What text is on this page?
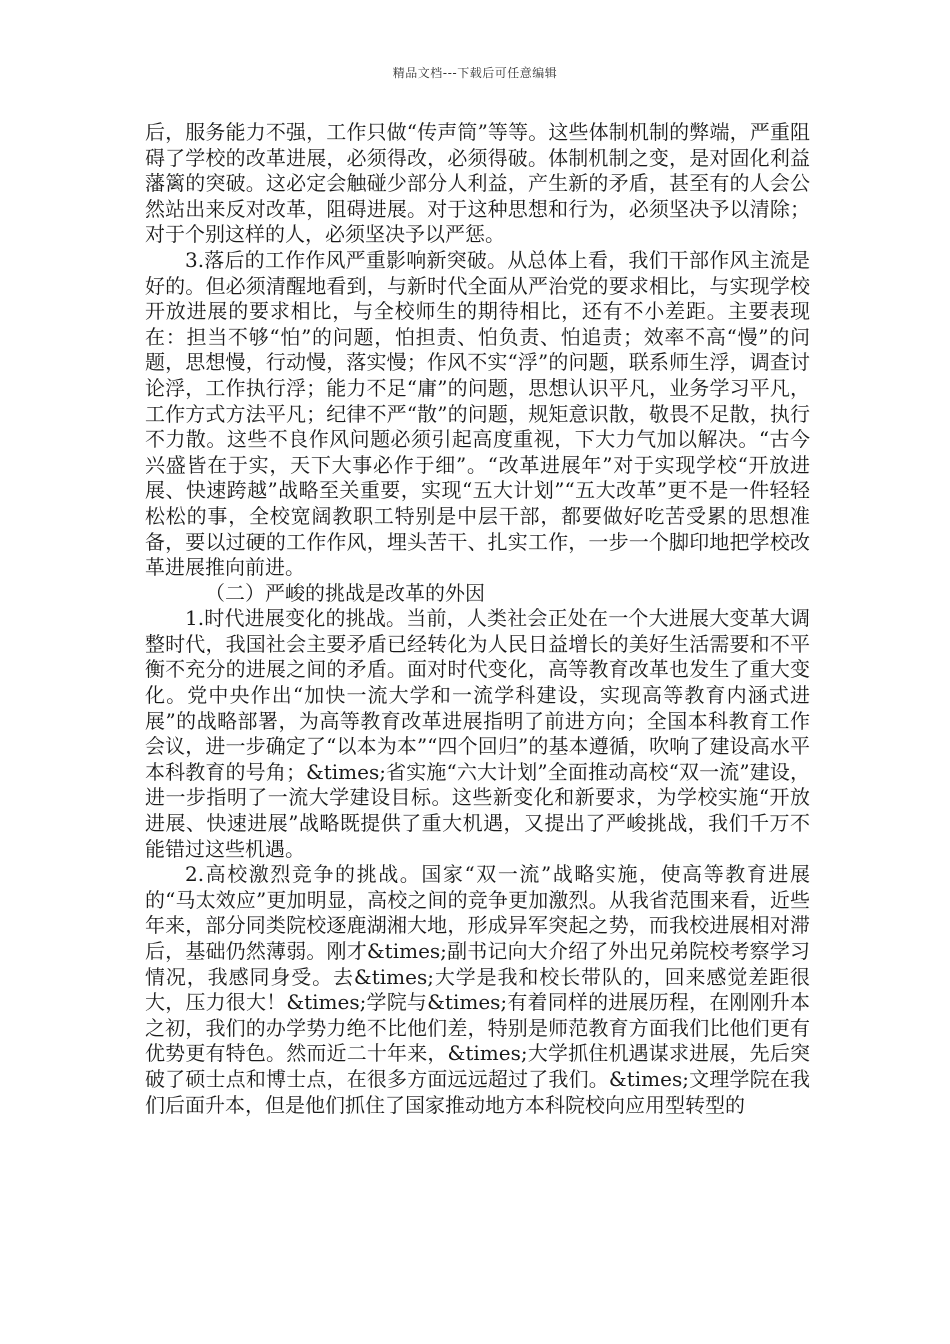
精品文档---下载后可任意编辑

后，服务能力不强，工作只做“传声筒”等等。这些体制机制的弊端，严重阻碍了学校的改革进展，必须得改，必须得破。体制机制之变，是对固化利益藩篱的突破。这必定会触碰少部分人利益，产生新的矛盾，甚至有的人会公然站出来反对改革，阻碍进展。对于这种思想和行为，必须坚决予以清除；对于个别这样的人，必须坚决予以严惩。

3.落后的工作作风严重影响新突破。从总体上看，我们干部作风主流是好的。但必须清醒地看到，与新时代全面从严治党的要求相比，与实现学校开放进展的要求相比，与全校师生的期待相比，还有不小差距。主要表现在：担当不够“怕”的问题，怕担责、怕负责、怕追责；效率不高“慢”的问题，思想慢，行动慢，落实慢；作风不实“浮”的问题，联系师生浮，调查讨论浮，工作执行浮；能力不足“庸”的问题，思想认识平凡，业务学习平凡，工作方式方法平凡；纪律不严“散”的问题，规矩意识散，敬畏不足散，执行不力散。这些不良作风问题必须引起高度重视，下大力气加以解决。“古今兴盛皆在于实，天下大事必作于细”。“改革进展年”对于实现学校“开放进展、快速跨越”战略至关重要，实现“五大计划”“五大改革”更不是一件轻轻松松的事，全校宽阔教职工特别是中层干部，都要做好吃苦受累的思想准备，要以过硬的工作作风，埋头苦干、扎实工作，一步一个脚印地把学校改革进展推向前进。

（二）严峻的挑战是改革的外因

1.时代进展变化的挑战。当前，人类社会正处在一个大进展大变革大调整时代，我国社会主要矛盾已经转化为人民日益增长的美好生活需要和不平衡不充分的进展之间的矛盾。面对时代变化，高等教育改革也发生了重大变化。党中央作出“加快一流大学和一流学科建设，实现高等教育内涵式进展”的战略部署，为高等教育改革进展指明了前进方向；全国本科教育工作会议，进一步确定了“以本为本”“四个回归”的基本遵循，吹响了建设高水平本科教育的号角；&times;省实施“六大计划”全面推动高校“双一流”建设，进一步指明了一流大学建设目标。这些新变化和新要求，为学校实施“开放进展、快速进展”战略既提供了重大机遇，又提出了严峻挑战，我们千万不能错过这些机遇。

2.高校激烈竞争的挑战。国家“双一流”战略实施，使高等教育进展的“马太效应”更加明显，高校之间的竞争更加激烈。从我省范围来看，近些年来，部分同类院校逐鹿湖湘大地，形成异军突起之势，而我校进展相对滞后，基础仍然薄弱。刚才&times;副书记向大介绍了外出兄弟院校考察学习情况，我感同身受。去&times;大学是我和校长带队的，回来感觉差距很大，压力很大！&times;学院与&times;有着同样的进展历程，在刚刚升本之初，我们的办学势力绝不比他们差，特别是师范教育方面我们比他们更有优势更有特色。然而近二十年来，&times;大学抓住机遇谋求进展，先后突破了硕士点和博士点，在很多方面远远超过了我们。&times;文理学院在我们后面升本，但是他们抓住了国家推动地方本科院校向应用型转型的
